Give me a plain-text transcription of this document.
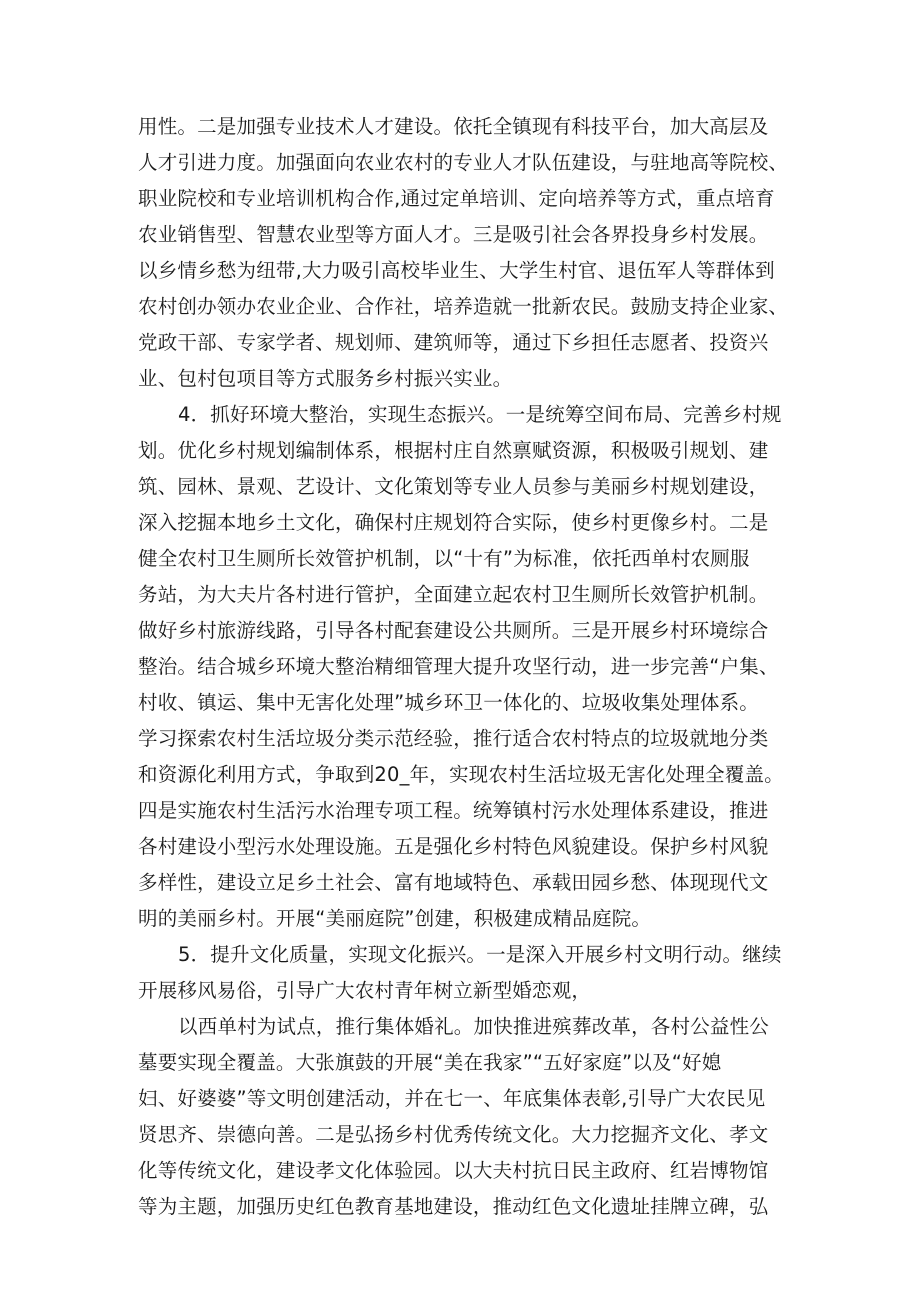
用性。二是加强专业技术人才建设。依托全镇现有科技平台，加大高层及
人才引进力度。加强面向农业农村的专业人才队伍建设，与驻地高等院校、
职业院校和专业培训机构合作,通过定单培训、定向培养等方式，重点培育
农业销售型、智慧农业型等方面人才。三是吸引社会各界投身乡村发展。
以乡情乡愁为纽带,大力吸引高校毕业生、大学生村官、退伍军人等群体到
农村创办领办农业企业、合作社，培养造就一批新农民。鼓励支持企业家、
党政干部、专家学者、规划师、建筑师等，通过下乡担任志愿者、投资兴
业、包村包项目等方式服务乡村振兴实业。
4．抓好环境大整治，实现生态振兴。一是统筹空间布局、完善乡村规
划。优化乡村规划编制体系，根据村庄自然禀赋资源，积极吸引规划、建
筑、园林、景观、艺设计、文化策划等专业人员参与美丽乡村规划建设，
深入挖掘本地乡土文化，确保村庄规划符合实际，使乡村更像乡村。二是
健全农村卫生厕所长效管护机制，以“十有”为标准，依托西单村农厕服
务站，为大夫片各村进行管护，全面建立起农村卫生厕所长效管护机制。
做好乡村旅游线路，引导各村配套建设公共厕所。三是开展乡村环境综合
整治。结合城乡环境大整治精细管理大提升攻坚行动，进一步完善“户集、
村收、镇运、集中无害化处理”城乡环卫一体化的、垃圾收集处理体系。
学习探索农村生活垃圾分类示范经验，推行适合农村特点的垃圾就地分类
和资源化利用方式，争取到20_年，实现农村生活垃圾无害化处理全覆盖。
四是实施农村生活污水治理专项工程。统筹镇村污水处理体系建设，推进
各村建设小型污水处理设施。五是强化乡村特色风貌建设。保护乡村风貌
多样性，建设立足乡土社会、富有地域特色、承载田园乡愁、体现现代文
明的美丽乡村。开展“美丽庭院”创建，积极建成精品庭院。
5．提升文化质量，实现文化振兴。一是深入开展乡村文明行动。继续
开展移风易俗，引导广大农村青年树立新型婚恋观，
以西单村为试点，推行集体婚礼。加快推进殡葬改革，各村公益性公
墓要实现全覆盖。大张旗鼓的开展“美在我家”“五好家庭”以及“好媳
妇、好婆婆”等文明创建活动，并在七一、年底集体表彰,引导广大农民见
贤思齐、崇德向善。二是弘扬乡村优秀传统文化。大力挖掘齐文化、孝文
化等传统文化，建设孝文化体验园。以大夫村抗日民主政府、红岩博物馆
等为主题，加强历史红色教育基地建设，推动红色文化遗址挂牌立碑，弘
